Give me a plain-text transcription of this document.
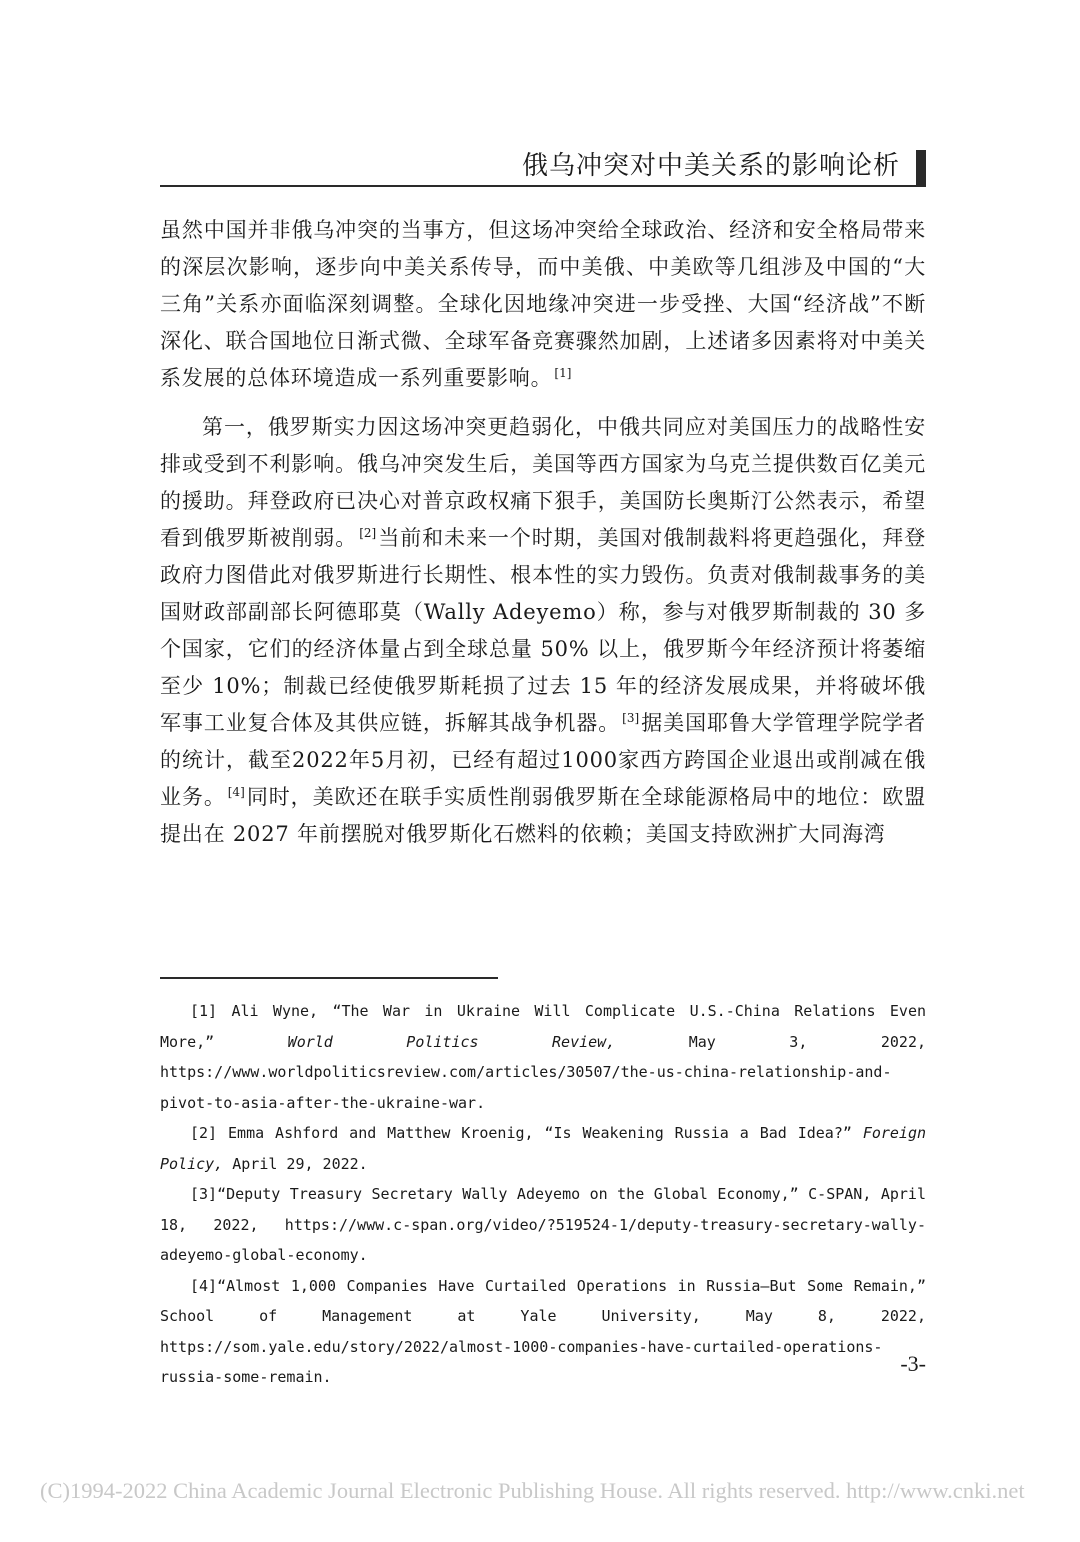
俄乌冲突对中美关系的影响论析

虽然中国并非俄乌冲突的当事方，但这场冲突给全球政治、经济和安全格局带来的深层次影响，逐步向中美关系传导，而中美俄、中美欧等几组涉及中国的“大三角”关系亦面临深刻调整。全球化因地缘冲突进一步受挫、大国“经济战”不断深化、联合国地位日渐式微、全球军备竞赛骤然加剧，上述诸多因素将对中美关系发展的总体环境造成一系列重要影响。 [1]

第一，俄罗斯实力因这场冲突更趋弱化，中俄共同应对美国压力的战略性安排或受到不利影响。俄乌冲突发生后，美国等西方国家为乌克兰提供数百亿美元的援助。拜登政府已决心对普京政权痛下狠手，美国防长奥斯汀公然表示，希望看到俄罗斯被削弱。 [2]当前和未来一个时期，美国对俄制裁料将更趋强化，拜登政府力图借此对俄罗斯进行长期性、根本性的实力毁伤。负责对俄制裁事务的美国财政部副部长阿德耶莫（Wally Adeyemo）称，参与对俄罗斯制裁的 30 多个国家，它们的经济体量占到全球总量 50% 以上，俄罗斯今年经济预计将萎缩至少 10%；制裁已经使俄罗斯耗损了过去 15 年的经济发展成果，并将破坏俄军事工业复合体及其供应链，拆解其战争机器。 [3]据美国耶鲁大学管理学院学者的统计，截至2022年5月初，已经有超过1000家西方跨国企业退出或削减在俄业务。 [4]同时，美欧还在联手实质性削弱俄罗斯在全球能源格局中的地位：欧盟提出在 2027 年前摆脱对俄罗斯化石燃料的依赖；美国支持欧洲扩大同海湾

[1] Ali Wyne, “The War in Ukraine Will Complicate U.S.-China Relations Even More,”	World Politics Review,	May 3, 2022, https://www.worldpoliticsreview.com/articles/30507/the-us-china-relationship-and-pivot-to-asia-after-the-ukraine-war.

[2] Emma Ashford and Matthew Kroenig, “Is Weakening Russia a Bad Idea?” Foreign Policy, April 29, 2022.

[3]“Deputy Treasury Secretary Wally Adeyemo on the Global Economy,” C-SPAN, April 18, 2022, https://www.c-span.org/video/?519524-1/deputy-treasury-secretary-wally-adeyemo-global-economy.

[4]“Almost 1,000 Companies Have Curtailed Operations in Russia—But Some Remain,” School of Management at Yale University, May 8, 2022, https://som.yale.edu/story/2022/almost-1000-companies-have-curtailed-operations-russia-some-remain.

-3-
(C)1994-2022 China Academic Journal Electronic Publishing House. All rights reserved. http://www.cnki.net
